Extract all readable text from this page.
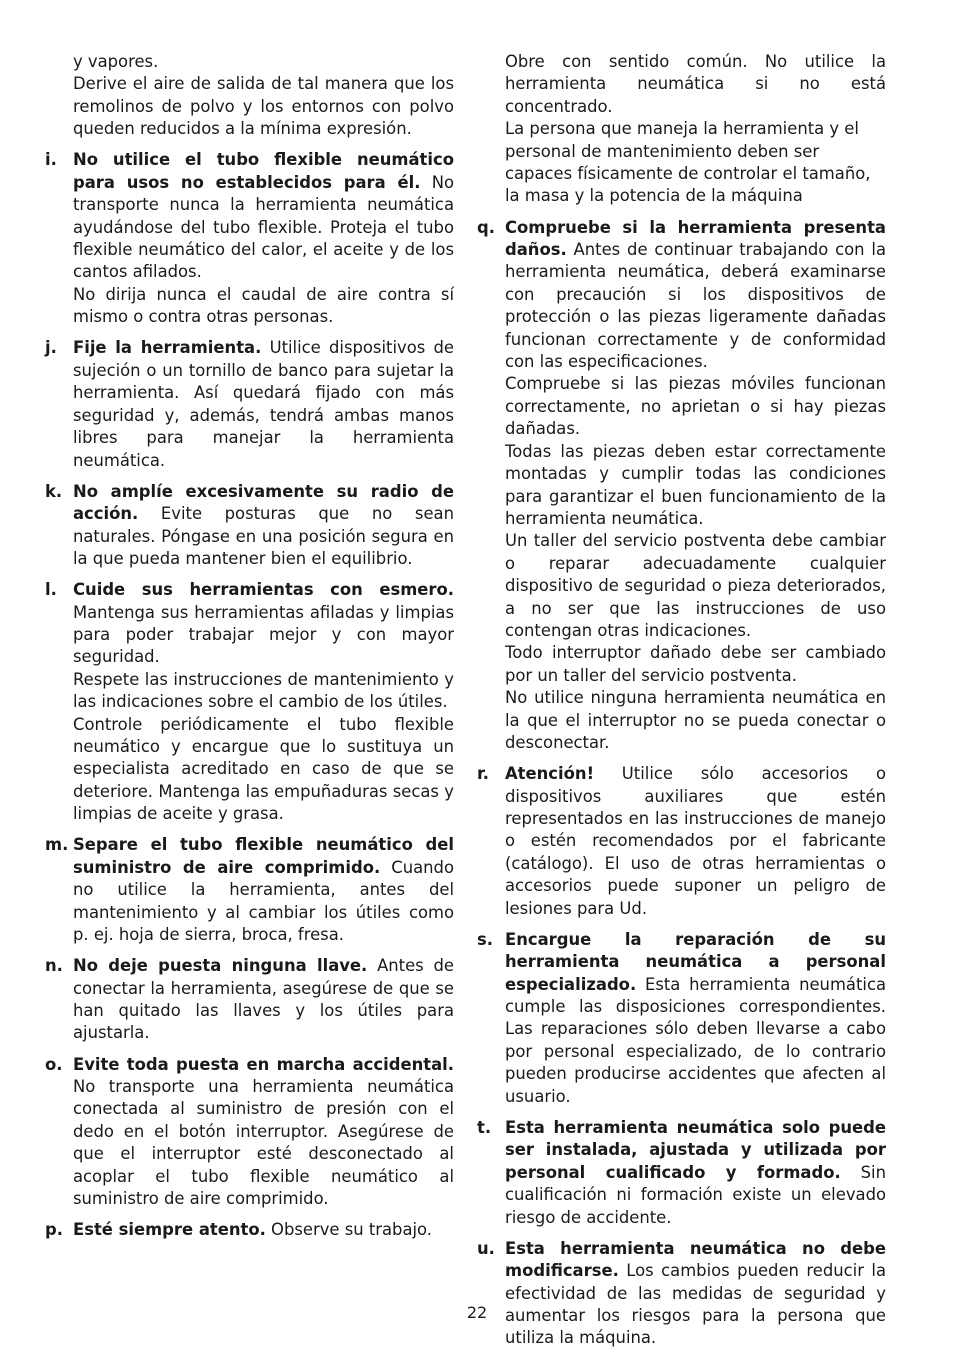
y vapores.

Derive el aire de salida de tal manera que los remolinos de polvo y los entornos con polvo queden reducidos a la mínima expresión.

i. No utilice el tubo flexible neumático para usos no establecidos para él. No transporte nunca la herramienta neumática ayudándose del tubo flexible. Proteja el tubo flexible neumático del calor, el aceite y de los cantos afilados.

No dirija nunca el caudal de aire contra sí mismo o contra otras personas.

j. Fije la herramienta. Utilice dispositivos de sujeción o un tornillo de banco para sujetar la herramienta. Así quedará fijado con más seguridad y, además, tendrá ambas manos libres para manejar la herramienta neumática.

k. No amplíe excesivamente su radio de acción. Evite posturas que no sean naturales. Póngase en una posición segura en la que pueda mantener bien el equilibrio.

l. Cuide sus herramientas con esmero. Mantenga sus herramientas afiladas y limpias para poder trabajar mejor y con mayor seguridad.

Respete las instrucciones de mantenimiento y las indicaciones sobre el cambio de los útiles.

Controle periódicamente el tubo flexible neumático y encargue que lo sustituya un especialista acreditado en caso de que se deteriore. Mantenga las empuñaduras secas y limpias de aceite y grasa.

m. Separe el tubo flexible neumático del suministro de aire comprimido. Cuando no utilice la herramienta, antes del mantenimiento y al cambiar los útiles como p. ej. hoja de sierra, broca, fresa.

n. No deje puesta ninguna llave. Antes de conectar la herramienta, asegúrese de que se han quitado las llaves y los útiles para ajustarla.

o. Evite toda puesta en marcha accidental. No transporte una herramienta neumática conectada al suministro de presión con el dedo en el botón interruptor. Asegúrese de que el interruptor esté desconectado al acoplar el tubo flexible neumático al suministro de aire comprimido.

p. Esté siempre atento. Observe su trabajo.

Obre con sentido común. No utilice la herramienta neumática si no está concentrado.

La persona que maneja la herramienta y el personal de mantenimiento deben ser capaces físicamente de controlar el tamaño, la masa y la potencia de la máquina

q. Compruebe si la herramienta presenta daños. Antes de continuar trabajando con la herramienta neumática, deberá examinarse con precaución si los dispositivos de protección o las piezas ligeramente dañadas funcionan correctamente y de conformidad con las especificaciones.

Compruebe si las piezas móviles funcionan correctamente, no aprietan o si hay piezas dañadas.

Todas las piezas deben estar correctamente montadas y cumplir todas las condiciones para garantizar el buen funcionamiento de la herramienta neumática.

Un taller del servicio postventa debe cambiar o reparar adecuadamente cualquier dispositivo de seguridad o pieza deteriorados, a no ser que las instrucciones de uso contengan otras indicaciones.

Todo interruptor dañado debe ser cambiado por un taller del servicio postventa.

No utilice ninguna herramienta neumática en la que el interruptor no se pueda conectar o desconectar.

r. Atención! Utilice sólo accesorios o dispositivos auxiliares que estén representados en las instrucciones de manejo o estén recomendados por el fabricante (catálogo). El uso de otras herramientas o accesorios puede suponer un peligro de lesiones para Ud.

s. Encargue la reparación de su herramienta neumática a personal especializado. Esta herramienta neumática cumple las disposiciones correspondientes. Las reparaciones sólo deben llevarse a cabo por personal especializado, de lo contrario pueden producirse accidentes que afecten al usuario.

t. Esta herramienta neumática solo puede ser instalada, ajustada y utilizada por personal cualificado y formado. Sin cualificación ni formación existe un elevado riesgo de accidente.

u. Esta herramienta neumática no debe modificarse. Los cambios pueden reducir la efectividad de las medidas de seguridad y aumentar los riesgos para la persona que utiliza la máquina.

22
